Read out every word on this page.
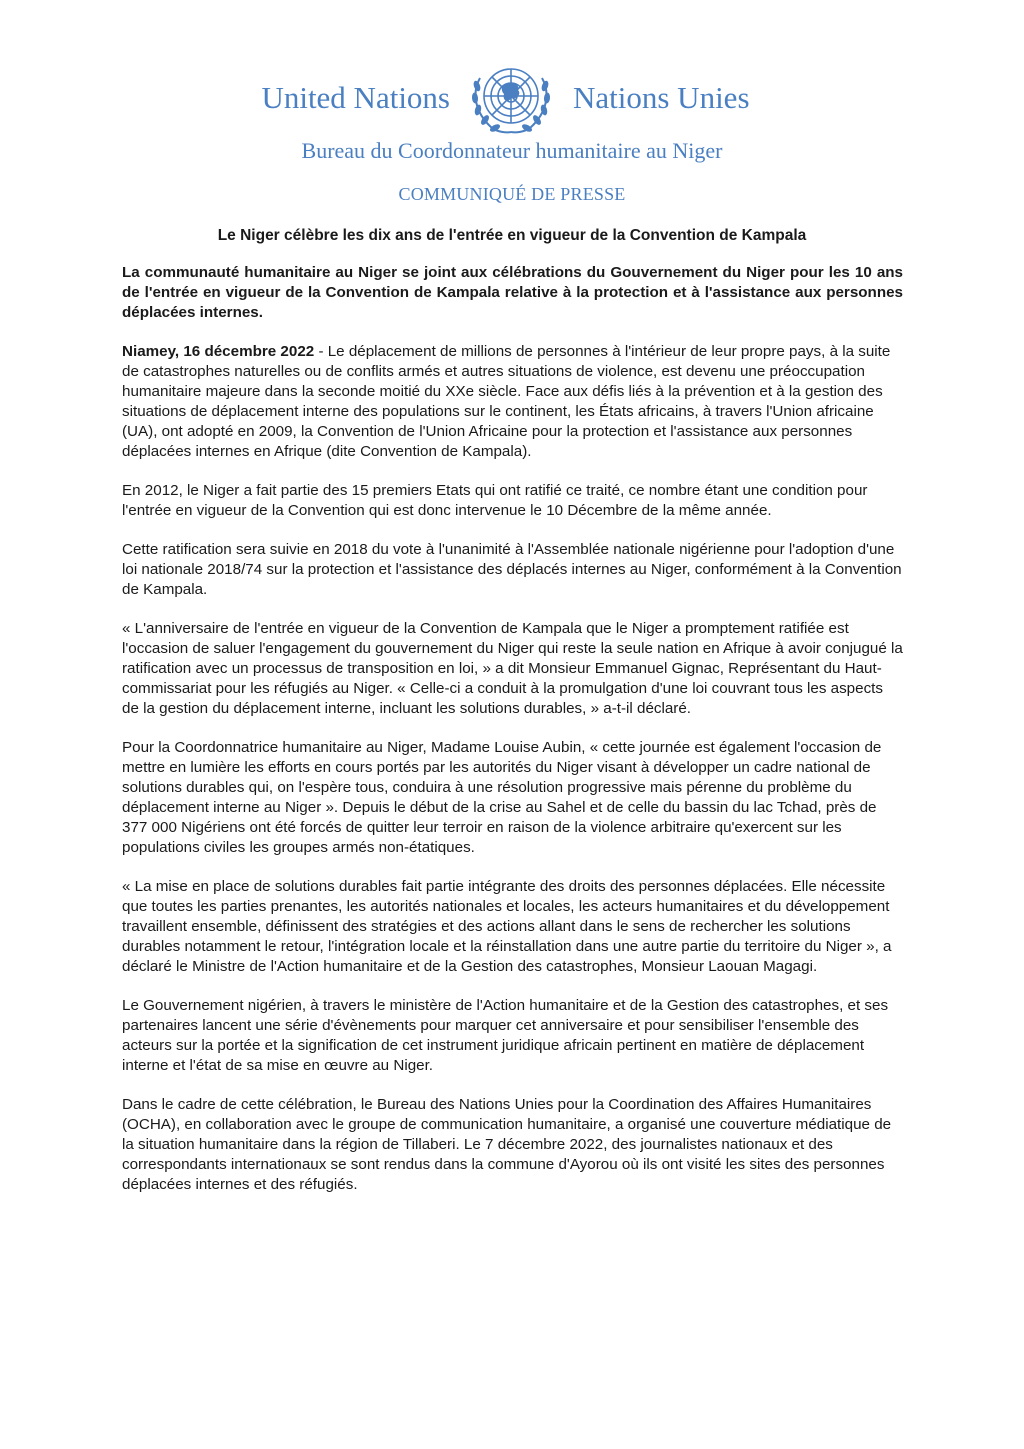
United Nations	Nations Unies
Bureau du Coordonnateur humanitaire au Niger
COMMUNIQUÉ DE PRESSE
Le Niger célèbre les dix ans de l'entrée en vigueur de la Convention de Kampala

La communauté humanitaire au Niger se joint aux célébrations du Gouvernement du Niger pour les 10 ans de l'entrée en vigueur de la Convention de Kampala relative à la protection et à l'assistance aux personnes déplacées internes.

Niamey, 16 décembre 2022 - Le déplacement de millions de personnes à l'intérieur de leur propre pays, à la suite de catastrophes naturelles ou de conflits armés et autres situations de violence, est devenu une préoccupation humanitaire majeure dans la seconde moitié du XXe siècle. Face aux défis liés à la prévention et à la gestion des situations de déplacement interne des populations sur le continent, les États africains, à travers l'Union africaine (UA), ont adopté en 2009, la Convention de l'Union Africaine pour la protection et l'assistance aux personnes déplacées internes en Afrique (dite Convention de Kampala).

En 2012, le Niger a fait partie des 15 premiers Etats qui ont ratifié ce traité, ce nombre étant une condition pour l'entrée en vigueur de la Convention qui est donc intervenue le 10 Décembre de la même année.

Cette ratification sera suivie en 2018 du vote à l'unanimité à l'Assemblée nationale nigérienne pour l'adoption d'une loi nationale 2018/74 sur la protection et l'assistance des déplacés internes au Niger, conformément à la Convention de Kampala.

« L'anniversaire de l'entrée en vigueur de la Convention de Kampala que le Niger a promptement ratifiée est l'occasion de saluer l'engagement du gouvernement du Niger qui reste la seule nation en Afrique à avoir conjugué la ratification avec un processus de transposition en loi, » a dit Monsieur Emmanuel Gignac, Représentant du Haut-commissariat pour les réfugiés au Niger. « Celle-ci a conduit à la promulgation d'une loi couvrant tous les aspects de la gestion du déplacement interne, incluant les solutions durables, » a-t-il déclaré.

Pour la Coordonnatrice humanitaire au Niger, Madame Louise Aubin, « cette journée est également l'occasion de mettre en lumière les efforts en cours portés par les autorités du Niger visant à développer un cadre national de solutions durables qui, on l'espère tous, conduira à une résolution progressive mais pérenne du problème du déplacement interne au Niger ». Depuis le début de la crise au Sahel et de celle du bassin du lac Tchad, près de 377 000 Nigériens ont été forcés de quitter leur terroir en raison de la violence arbitraire qu'exercent sur les populations civiles les groupes armés non-étatiques.

« La mise en place de solutions durables fait partie intégrante des droits des personnes déplacées. Elle nécessite que toutes les parties prenantes, les autorités nationales et locales, les acteurs humanitaires et du développement travaillent ensemble, définissent des stratégies et des actions allant dans le sens de rechercher les solutions durables notamment le retour, l'intégration locale et la réinstallation dans une autre partie du territoire du Niger », a déclaré le Ministre de l'Action humanitaire et de la Gestion des catastrophes, Monsieur Laouan Magagi.

Le Gouvernement nigérien, à travers le ministère de l'Action humanitaire et de la Gestion des catastrophes, et ses partenaires lancent une série d'évènements pour marquer cet anniversaire et pour sensibiliser l'ensemble des acteurs sur la portée et la signification de cet instrument juridique africain pertinent en matière de déplacement interne et l'état de sa mise en œuvre au Niger.

Dans le cadre de cette célébration, le Bureau des Nations Unies pour la Coordination des Affaires Humanitaires (OCHA), en collaboration avec le groupe de communication humanitaire, a organisé une couverture médiatique de la situation humanitaire dans la région de Tillaberi. Le 7 décembre 2022, des journalistes nationaux et des correspondants internationaux se sont rendus dans la commune d'Ayorou où ils ont visité les sites des personnes déplacées internes et des réfugiés.
